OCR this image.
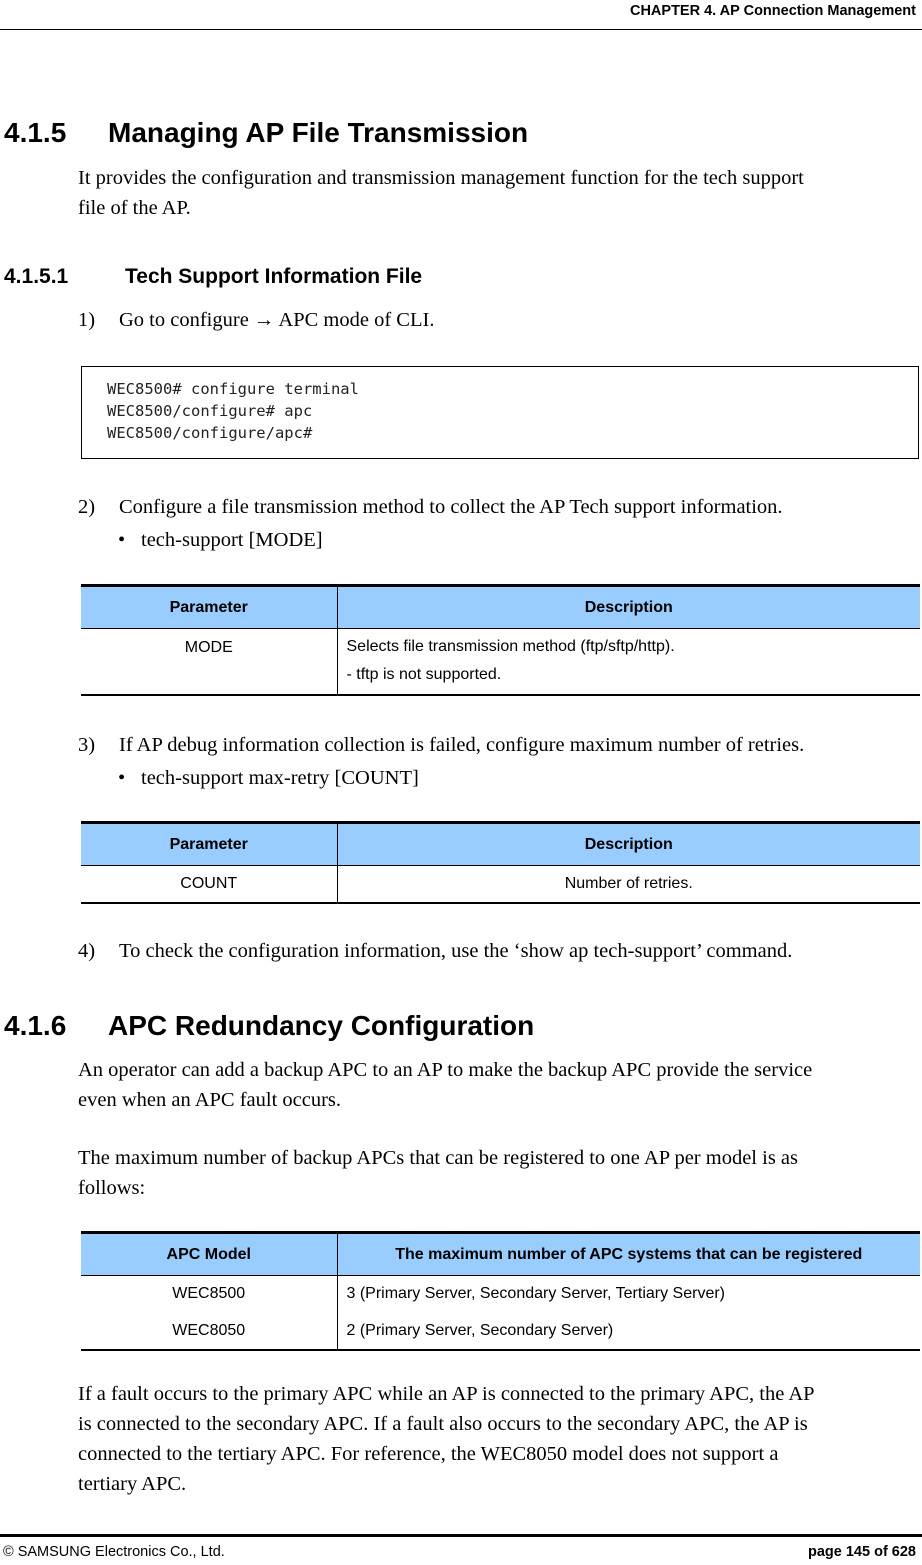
CHAPTER 4. AP Connection Management
4.1.5 Managing AP File Transmission
It provides the configuration and transmission management function for the tech support
file of the AP.
4.1.5.1	Tech Support Information File
1) Go to configure → APC mode of CLI.
WEC8500# configure terminal
WEC8500/configure# apc
WEC8500/configure/apc#
2) Configure a file transmission method to collect the AP Tech support information.
• tech-support [MODE]
Parameter	Description
MODE	Selects file transmission method (ftp/sftp/http).
- tftp is not supported.
3) If AP debug information collection is failed, configure maximum number of retries.
• tech-support max-retry [COUNT]
Parameter	Description
COUNT	Number of retries.
4) To check the configuration information, use the ‘show ap tech-support’ command.
4.1.6 APC Redundancy Configuration
An operator can add a backup APC to an AP to make the backup APC provide the service
even when an APC fault occurs.
The maximum number of backup APCs that can be registered to one AP per model is as
follows:
APC Model	The maximum number of APC systems that can be registered
WEC8500	3 (Primary Server, Secondary Server, Tertiary Server)
WEC8050	2 (Primary Server, Secondary Server)
If a fault occurs to the primary APC while an AP is connected to the primary APC, the AP
is connected to the secondary APC. If a fault also occurs to the secondary APC, the AP is
connected to the tertiary APC. For reference, the WEC8050 model does not support a
tertiary APC.
© SAMSUNG Electronics Co., Ltd.	page 145 of 628
